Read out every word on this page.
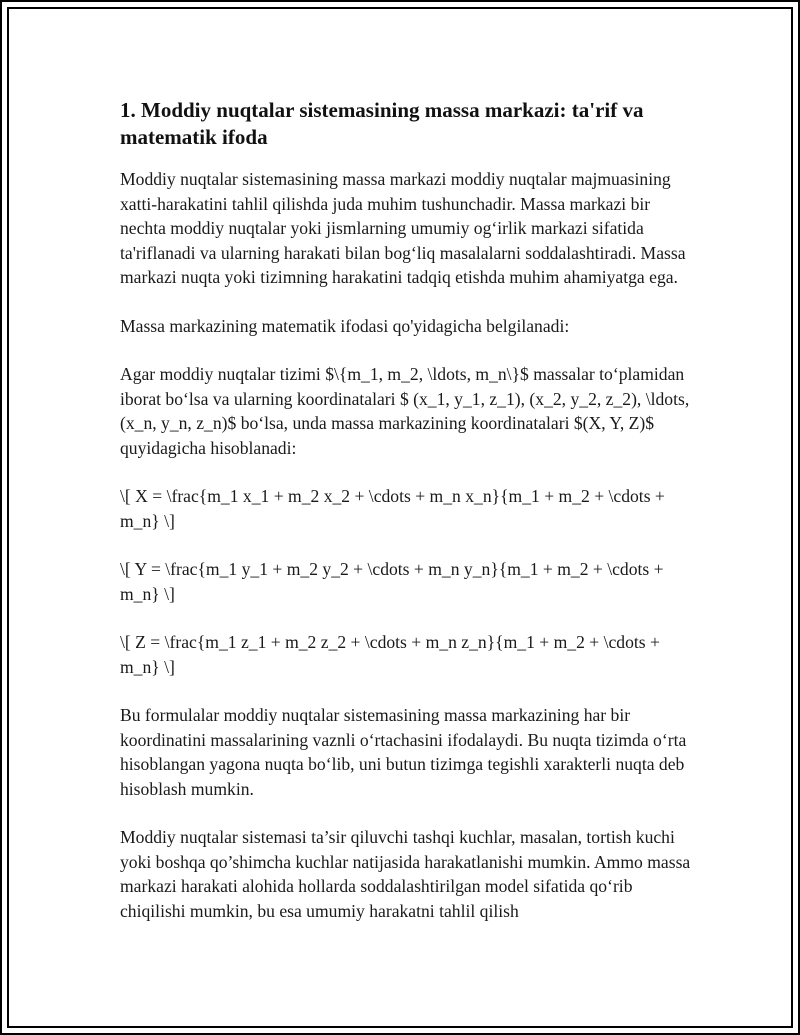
1. Moddiy nuqtalar sistemasining massa markazi: ta'rif va matematik ifoda

Moddiy nuqtalar sistemasining massa markazi moddiy nuqtalar majmuasining xatti-harakatini tahlil qilishda juda muhim tushunchadir. Massa markazi bir nechta moddiy nuqtalar yoki jismlarning umumiy og‘irlik markazi sifatida ta'riflanadi va ularning harakati bilan bog‘liq masalalarni soddalashtiradi. Massa markazi nuqta yoki tizimning harakatini tadqiq etishda muhim ahamiyatga ega.

Massa markazining matematik ifodasi qo'yidagicha belgilanadi:

Agar moddiy nuqtalar tizimi $\{m_1, m_2, \ldots, m_n\}$ massalar to‘plamidan iborat bo‘lsa va ularning koordinatalari $ (x_1, y_1, z_1), (x_2, y_2, z_2), \ldots, (x_n, y_n, z_n)$ bo‘lsa, unda massa markazining koordinatalari $(X, Y, Z)$ quyidagicha hisoblanadi:

\[ X = \frac{m_1 x_1 + m_2 x_2 + \cdots + m_n x_n}{m_1 + m_2 + \cdots + m_n} \]

\[ Y = \frac{m_1 y_1 + m_2 y_2 + \cdots + m_n y_n}{m_1 + m_2 + \cdots + m_n} \]

\[ Z = \frac{m_1 z_1 + m_2 z_2 + \cdots + m_n z_n}{m_1 + m_2 + \cdots + m_n} \]

Bu formulalar moddiy nuqtalar sistemasining massa markazining har bir koordinatini massalarining vaznli o‘rtachasini ifodalaydi. Bu nuqta tizimda o‘rta hisoblangan yagona nuqta bo‘lib, uni butun tizimga tegishli xarakterli nuqta deb hisoblash mumkin.

Moddiy nuqtalar sistemasi ta’sir qiluvchi tashqi kuchlar, masalan, tortish kuchi yoki boshqa qo’shimcha kuchlar natijasida harakatlanishi mumkin. Ammo massa markazi harakati alohida hollarda soddalashtirilgan model sifatida qo‘rib chiqilishi mumkin, bu esa umumiy harakatni tahlil qilish
